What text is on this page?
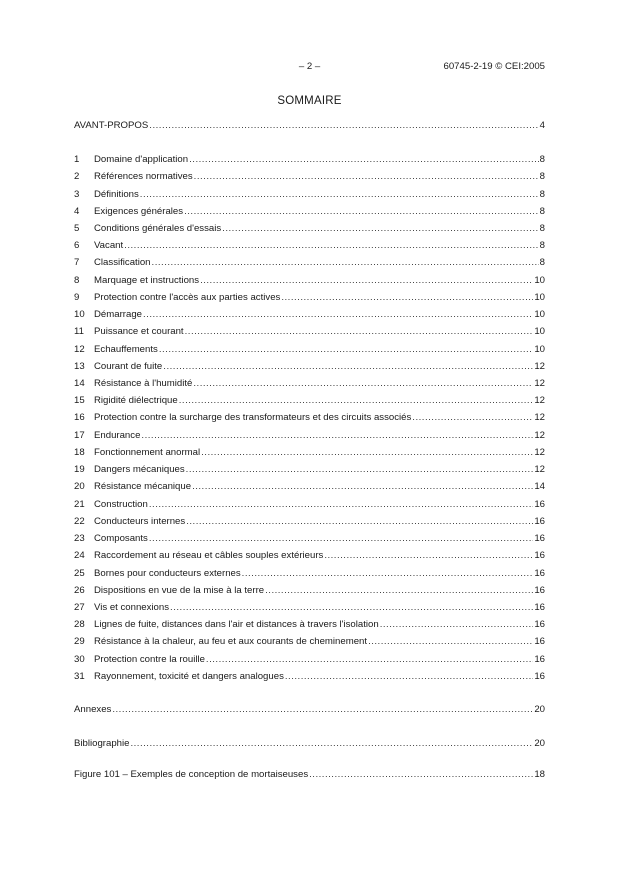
– 2 –	60745-2-19 © CEI:2005
SOMMAIRE
AVANT-PROPOS .....	4
1	Domaine d'application .....	8
2	Références normatives .....	8
3	Définitions .....	8
4	Exigences générales .....	8
5	Conditions générales d'essais .....	8
6	Vacant .....	8
7	Classification .....	8
8	Marquage et instructions .....	10
9	Protection contre l'accès aux parties actives .....	10
10 Démarrage .....	10
11	Puissance et courant .....	10
12 Echauffements .....	10
13 Courant de fuite .....	12
14 Résistance à l'humidité .....	12
15 Rigidité diélectrique .....	12
16 Protection contre la surcharge des transformateurs et des circuits associés .....	12
17 Endurance .....	12
18 Fonctionnement anormal .....	12
19 Dangers mécaniques .....	12
20 Résistance mécanique .....	14
21 Construction .....	16
22 Conducteurs internes .....	16
23 Composants .....	16
24 Raccordement au réseau et câbles souples extérieurs .....	16
25 Bornes pour conducteurs externes .....	16
26 Dispositions en vue de la mise à la terre .....	16
27 Vis et connexions .....	16
28 Lignes de fuite, distances dans l'air et distances à travers l'isolation .....	16
29 Résistance à la chaleur, au feu et aux courants de cheminement .....	16
30 Protection contre la rouille .....	16
31 Rayonnement, toxicité et dangers analogues .....	16
Annexes .....	20
Bibliographie .....	20
Figure 101 – Exemples de conception de mortaiseuses .....	18
